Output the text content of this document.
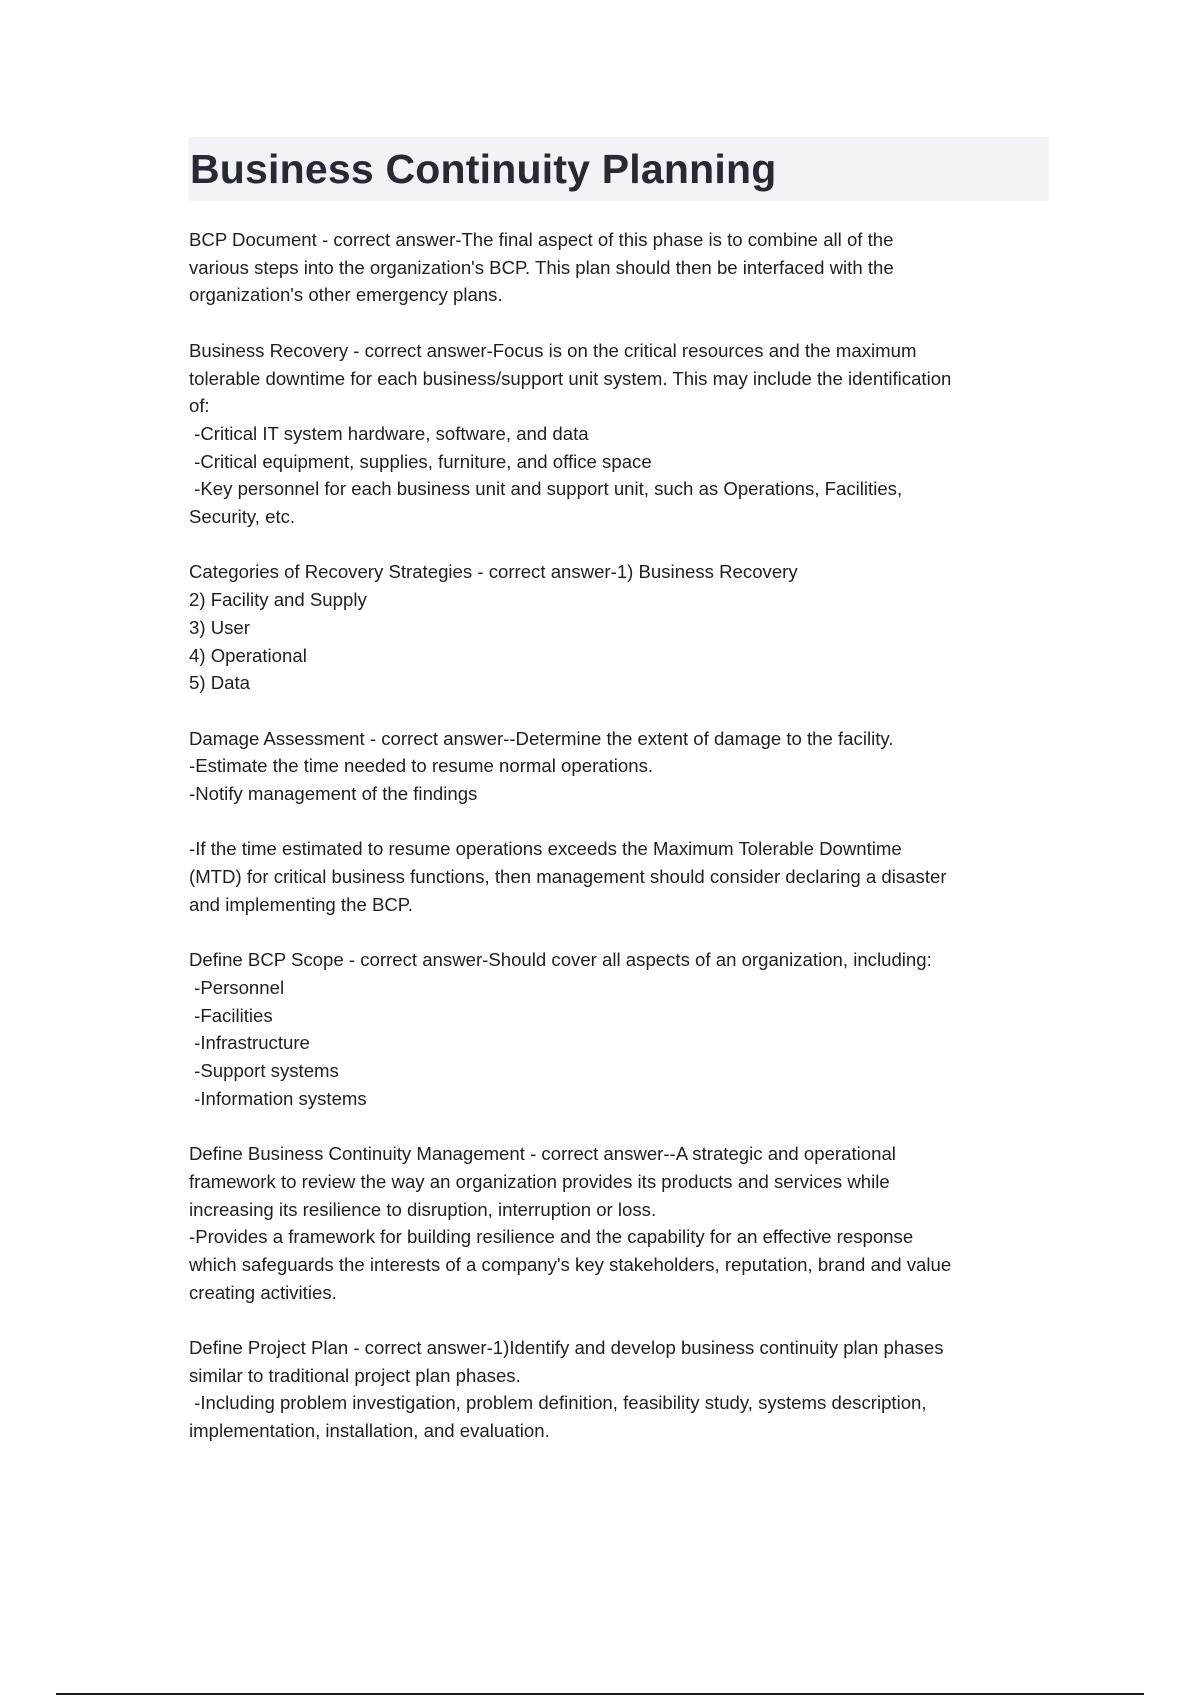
Business Continuity Planning
BCP Document - correct answer-The final aspect of this phase is to combine all of the
various steps into the organization's BCP. This plan should then be interfaced with the
organization's other emergency plans.
Business Recovery - correct answer-Focus is on the critical resources and the maximum
tolerable downtime for each business/support unit system. This may include the identification
of:
-Critical IT system hardware, software, and data
-Critical equipment, supplies, furniture, and office space
-Key personnel for each business unit and support unit, such as Operations, Facilities,
Security, etc.
Categories of Recovery Strategies - correct answer-1) Business Recovery
2) Facility and Supply
3) User
4) Operational
5) Data
Damage Assessment - correct answer--Determine the extent of damage to the facility.
-Estimate the time needed to resume normal operations.
-Notify management of the findings
-If the time estimated to resume operations exceeds the Maximum Tolerable Downtime
(MTD) for critical business functions, then management should consider declaring a disaster
and implementing the BCP.
Define BCP Scope - correct answer-Should cover all aspects of an organization, including:
-Personnel
-Facilities
-Infrastructure
-Support systems
-Information systems
Define Business Continuity Management - correct answer--A strategic and operational
framework to review the way an organization provides its products and services while
increasing its resilience to disruption, interruption or loss.
-Provides a framework for building resilience and the capability for an effective response
which safeguards the interests of a company's key stakeholders, reputation, brand and value
creating activities.
Define Project Plan - correct answer-1)Identify and develop business continuity plan phases
similar to traditional project plan phases.
-Including problem investigation, problem definition, feasibility study, systems description,
implementation, installation, and evaluation.
